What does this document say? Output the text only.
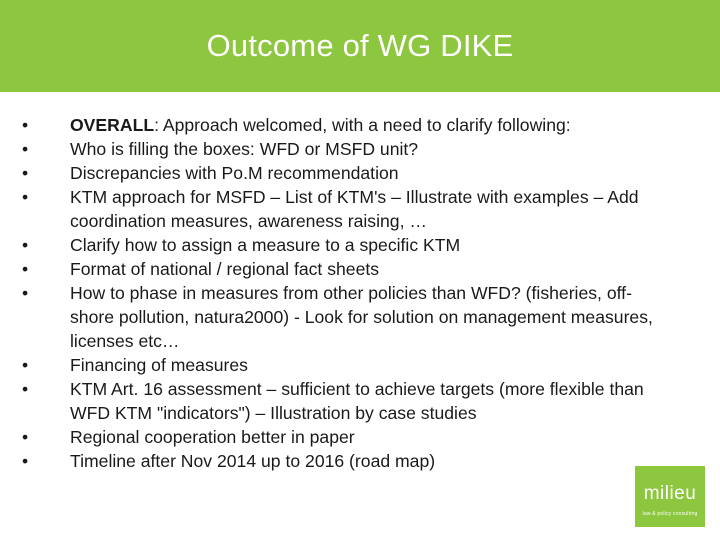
Outcome of WG DIKE
•	OVERALL: Approach welcomed, with a need to clarify following:
•	Who is filling the boxes: WFD or MSFD unit?
•	Discrepancies with Po.M recommendation
•	KTM approach for MSFD – List of KTM's – Illustrate with examples – Add coordination measures, awareness raising, …
•	Clarify how to assign a measure to a specific KTM
•	Format of national / regional fact sheets
•	How to phase in measures from other policies than WFD? (fisheries, off-shore pollution, natura2000) - Look for solution on management measures, licenses etc…
•	Financing of measures
•	KTM Art. 16 assessment – sufficient to achieve targets (more flexible than WFD KTM "indicators") – Illustration by case studies
•	Regional cooperation better in paper
•	Timeline after Nov 2014 up to 2016 (road map)
milieu
law & policy consulting
